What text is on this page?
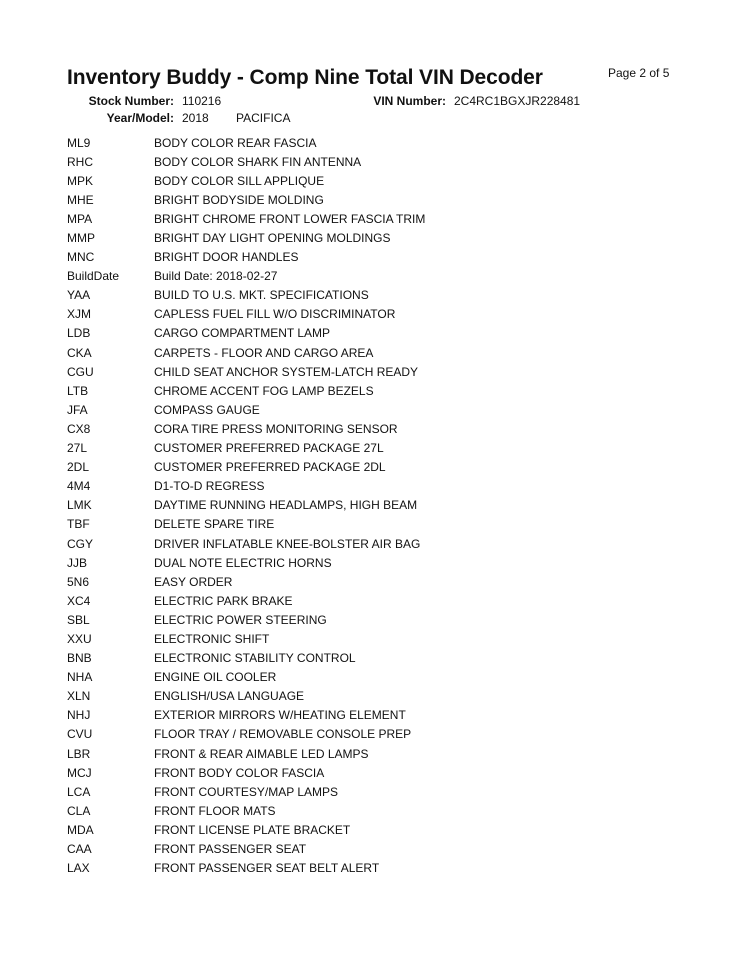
Inventory Buddy - Comp Nine Total VIN Decoder	Page 2 of 5
Stock Number: 110216	VIN Number: 2C4RC1BGXJR228481
Year/Model: 2018 PACIFICA
ML9	BODY COLOR REAR FASCIA
RHC	BODY COLOR SHARK FIN ANTENNA
MPK	BODY COLOR SILL APPLIQUE
MHE	BRIGHT BODYSIDE MOLDING
MPA	BRIGHT CHROME FRONT LOWER FASCIA TRIM
MMP	BRIGHT DAY LIGHT OPENING MOLDINGS
MNC	BRIGHT DOOR HANDLES
BuildDate	Build Date: 2018-02-27
YAA	BUILD TO U.S. MKT. SPECIFICATIONS
XJM	CAPLESS FUEL FILL W/O DISCRIMINATOR
LDB	CARGO COMPARTMENT LAMP
CKA	CARPETS - FLOOR AND CARGO AREA
CGU	CHILD SEAT ANCHOR SYSTEM-LATCH READY
LTB	CHROME ACCENT FOG LAMP BEZELS
JFA	COMPASS GAUGE
CX8	CORA TIRE PRESS MONITORING SENSOR
27L	CUSTOMER PREFERRED PACKAGE 27L
2DL	CUSTOMER PREFERRED PACKAGE 2DL
4M4	D1-TO-D REGRESS
LMK	DAYTIME RUNNING HEADLAMPS, HIGH BEAM
TBF	DELETE SPARE TIRE
CGY	DRIVER INFLATABLE KNEE-BOLSTER AIR BAG
JJB	DUAL NOTE ELECTRIC HORNS
5N6	EASY ORDER
XC4	ELECTRIC PARK BRAKE
SBL	ELECTRIC POWER STEERING
XXU	ELECTRONIC SHIFT
BNB	ELECTRONIC STABILITY CONTROL
NHA	ENGINE OIL COOLER
XLN	ENGLISH/USA LANGUAGE
NHJ	EXTERIOR MIRRORS W/HEATING ELEMENT
CVU	FLOOR TRAY / REMOVABLE CONSOLE PREP
LBR	FRONT & REAR AIMABLE LED LAMPS
MCJ	FRONT BODY COLOR FASCIA
LCA	FRONT COURTESY/MAP LAMPS
CLA	FRONT FLOOR MATS
MDA	FRONT LICENSE PLATE BRACKET
CAA	FRONT PASSENGER SEAT
LAX	FRONT PASSENGER SEAT BELT ALERT
